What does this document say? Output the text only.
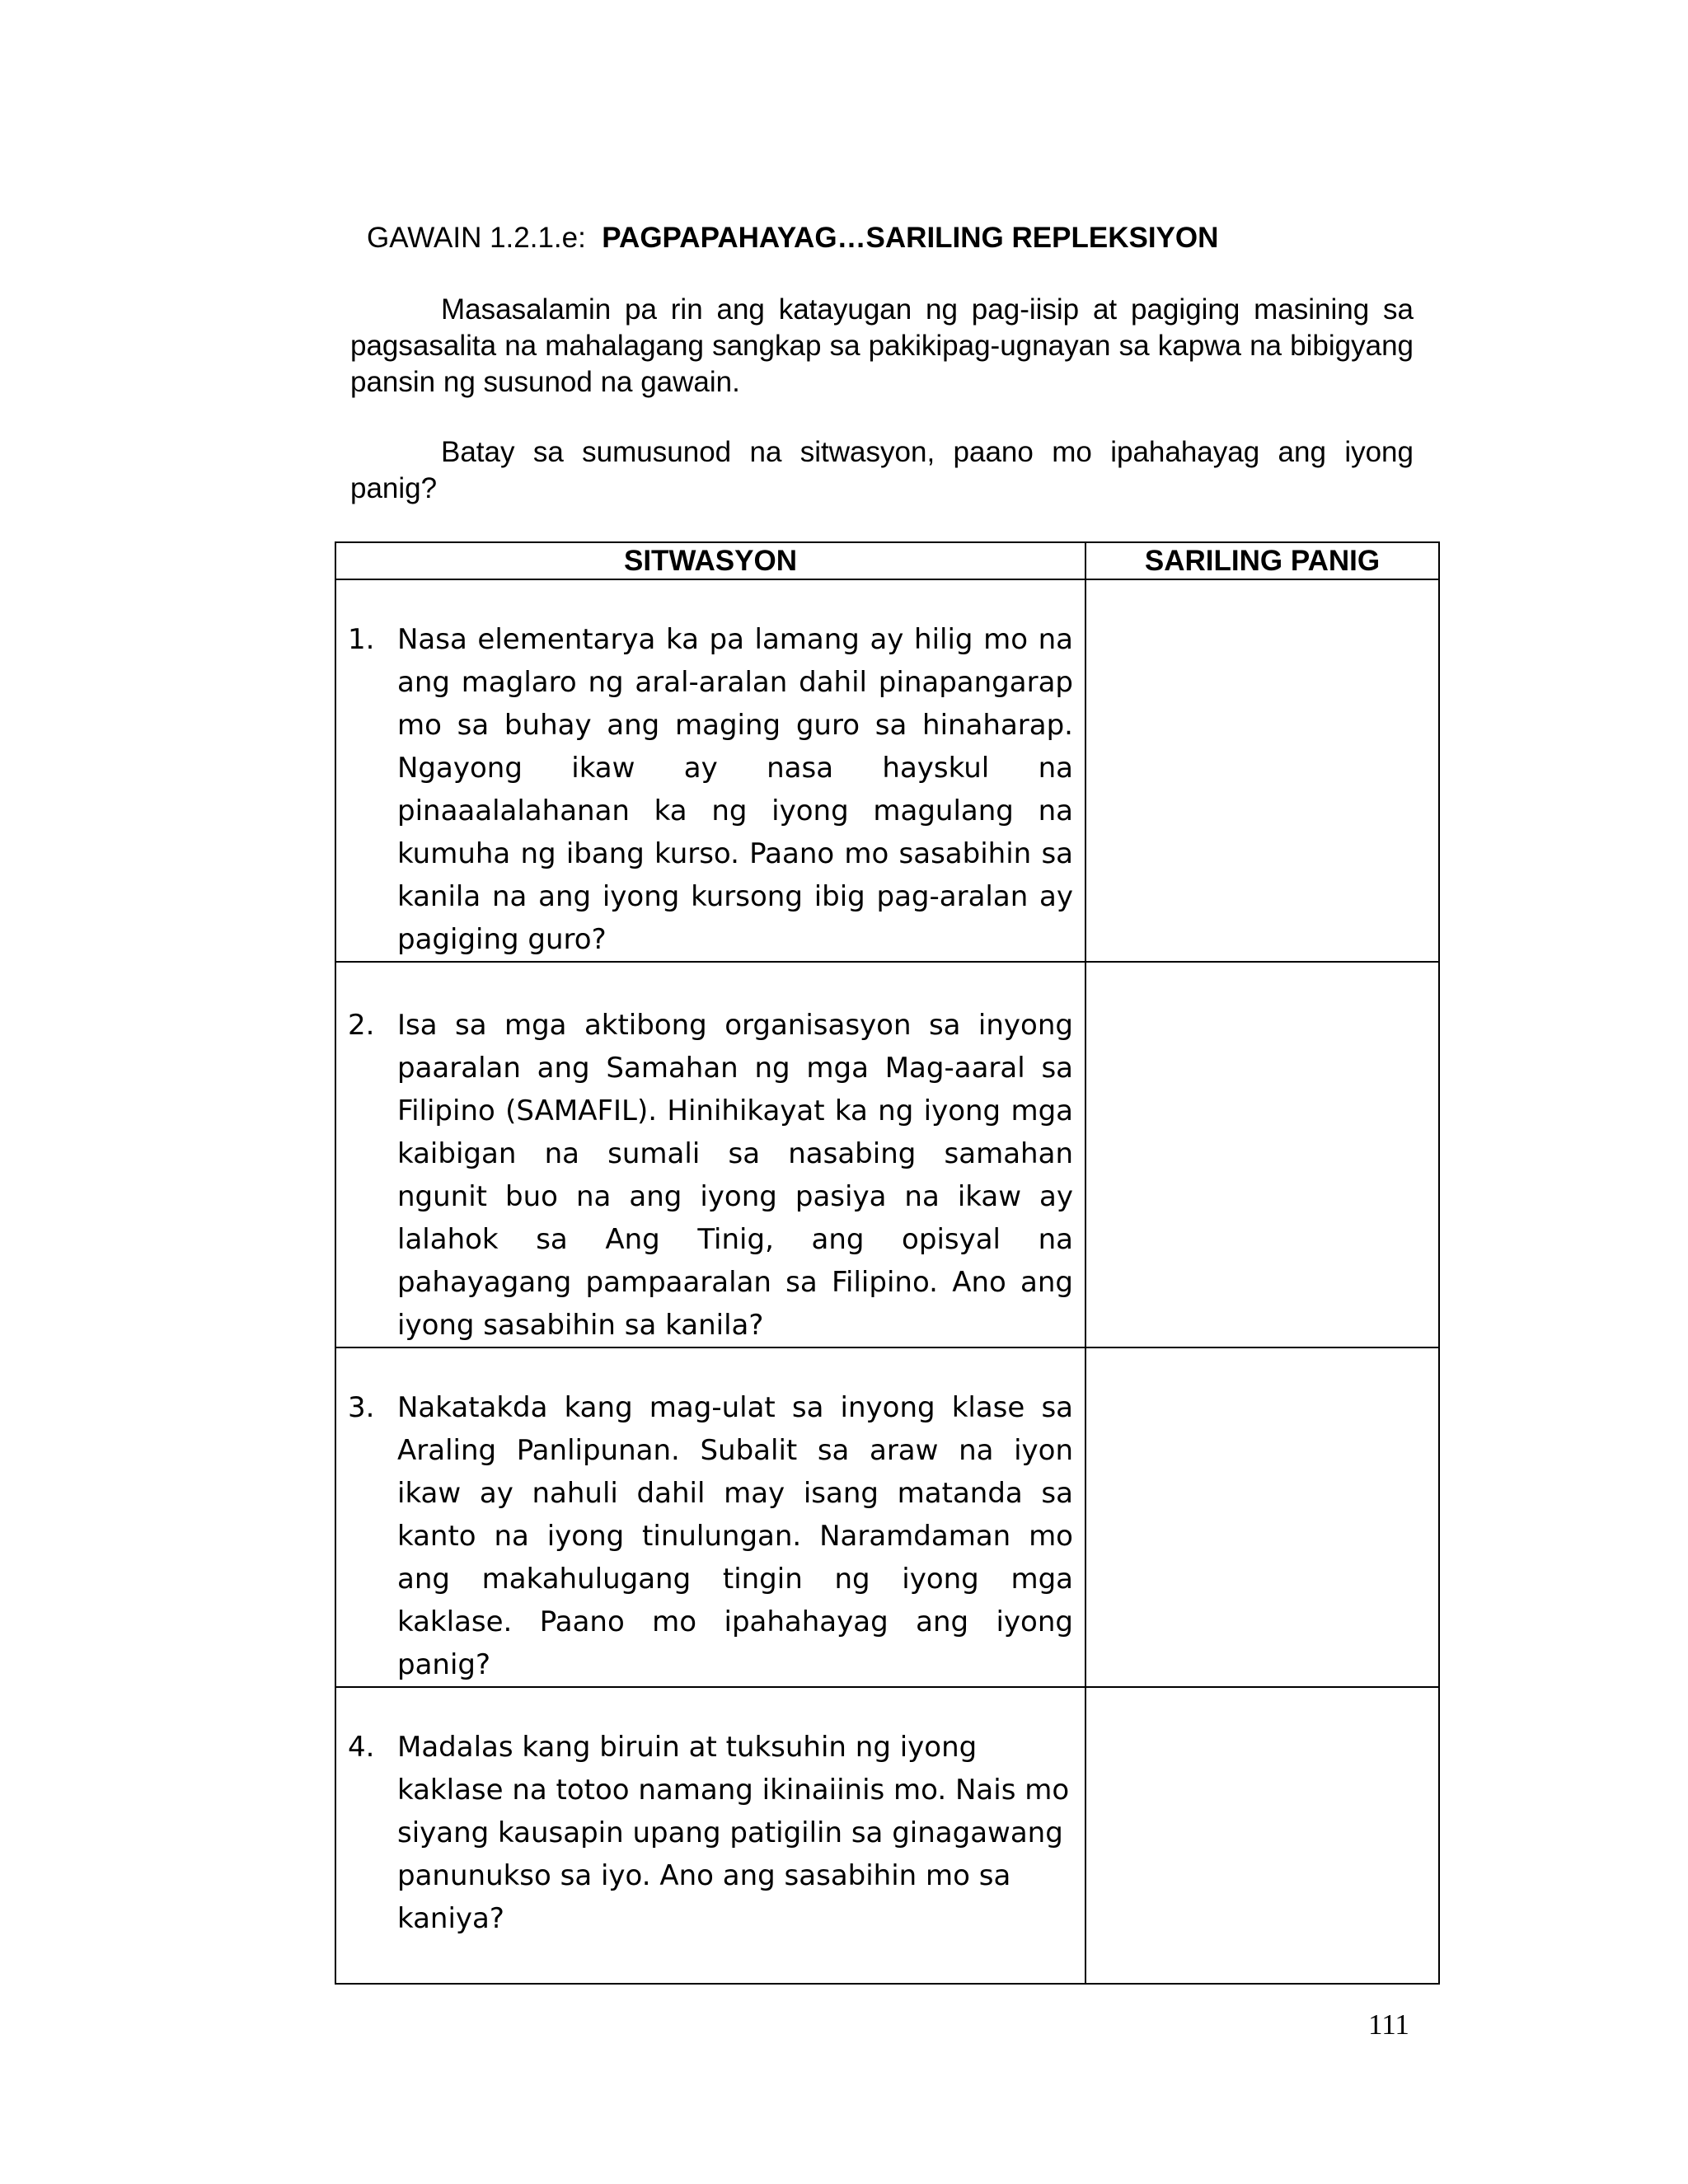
GAWAIN 1.2.1.e: PAGPAPAHAYAG…SARILING REPLEKSIYON

Masasalamin pa rin ang katayugan ng pag-iisip at pagiging masining sa pagsasalita na mahalagang sangkap sa pakikipag-ugnayan sa kapwa na bibigyang pansin ng susunod na gawain.

Batay sa sumusunod na sitwasyon, paano mo ipahahayag ang iyong panig?

SITWASYON	SARILING PANIG

1. Nasa elementarya ka pa lamang ay hilig mo na ang maglaro ng aral-aralan dahil pinapangarap mo sa buhay ang maging guro sa hinaharap. Ngayong ikaw ay nasa hayskul na pinaaalalahanan ka ng iyong magulang na kumuha ng ibang kurso. Paano mo sasabihin sa kanila na ang iyong kursong ibig pag-aralan ay pagiging guro?	

2. Isa sa mga aktibong organisasyon sa inyong paaralan ang Samahan ng mga Mag-aaral sa Filipino (SAMAFIL). Hinihikayat ka ng iyong mga kaibigan na sumali sa nasabing samahan ngunit buo na ang iyong pasiya na ikaw ay lalahok sa Ang Tinig, ang opisyal na pahayagang pampaaralan sa Filipino. Ano ang iyong sasabihin sa kanila?	

3. Nakatakda kang mag-ulat sa inyong klase sa Araling Panlipunan. Subalit sa araw na iyon ikaw ay nahuli dahil may isang matanda sa kanto na iyong tinulungan. Naramdaman mo ang makahulugang tingin ng iyong mga kaklase. Paano mo ipahahayag ang iyong panig?	

4. Madalas kang biruin at tuksuhin ng iyong kaklase na totoo namang ikinaiinis mo. Nais mo siyang kausapin upang patigilin sa ginagawang panunukso sa iyo. Ano ang sasabihin mo sa kaniya?	

111
